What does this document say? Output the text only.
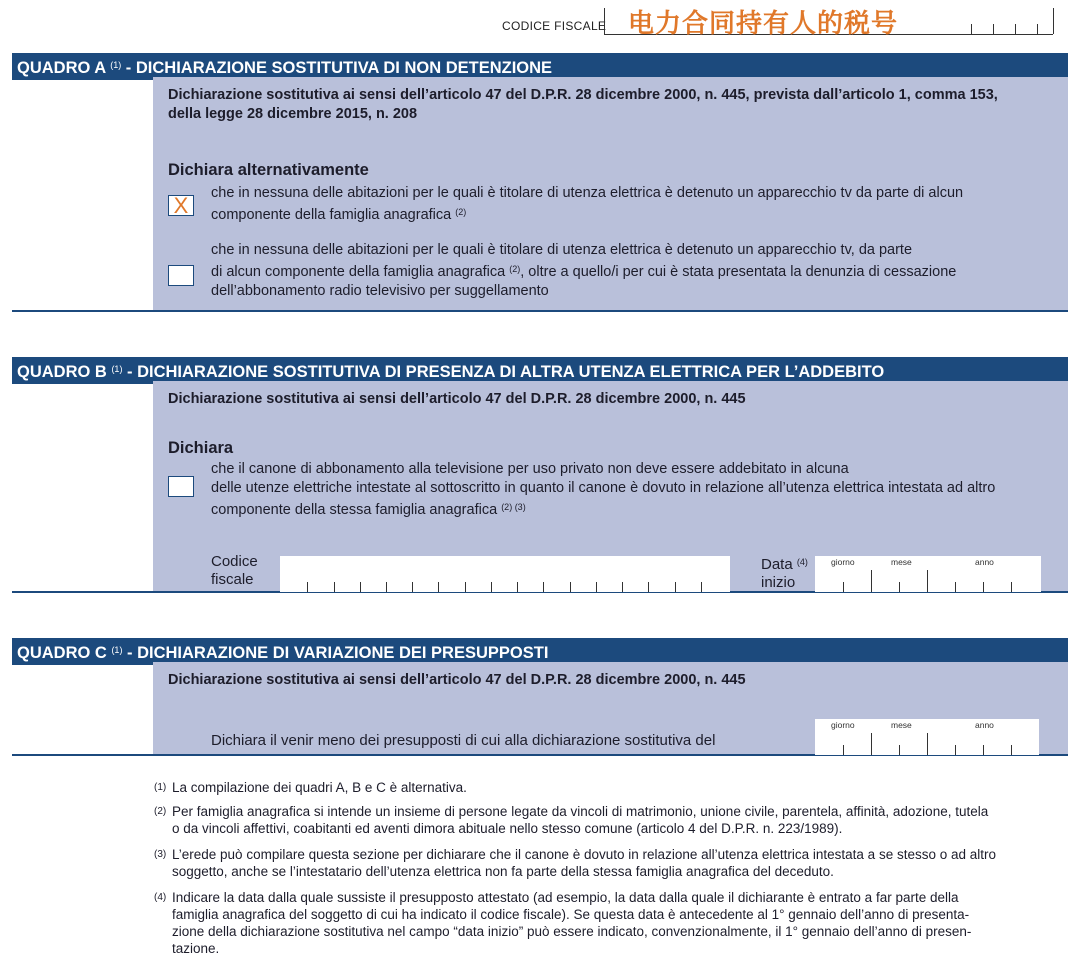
CODICE FISCALE 电力合同持有人的税号
QUADRO A $^{(1)}$ - DICHIARAZIONE SOSTITUTIVA DI NON DETENZIONE
Dichiarazione sostitutiva ai sensi dell’articolo 47 del D.P.R. 28 dicembre 2000, n. 445, prevista dall’articolo 1, comma 153,
della legge 28 dicembre 2015, n. 208
Dichiara alternativamente
X	che in nessuna delle abitazioni per le quali è titolare di utenza elettrica è detenuto un apparecchio tv da parte di alcun
componente della famiglia anagrafica $^{(2)}$
che in nessuna delle abitazioni per le quali è titolare di utenza elettrica è detenuto un apparecchio tv, da parte
di alcun componente della famiglia anagrafica $^{(2)}$, oltre a quello/i per cui è stata presentata la denunzia di cessazione
dell’abbonamento radio televisivo per suggellamento
QUADRO B $^{(1)}$ - DICHIARAZIONE SOSTITUTIVA DI PRESENZA DI ALTRA UTENZA ELETTRICA PER L’ADDEBITO
Dichiarazione sostitutiva ai sensi dell’articolo 47 del D.P.R. 28 dicembre 2000, n. 445
Dichiara
che il canone di abbonamento alla televisione per uso privato non deve essere addebitato in alcuna
delle utenze elettriche intestate al sottoscritto in quanto il canone è dovuto in relazione all’utenza elettrica intestata ad altro
componente della stessa famiglia anagrafica $^{(2) (3)}$
Codice
fiscale
Data $^{(4)}$
inizio
giorno	mese	anno
QUADRO C $^{(1)}$ - DICHIARAZIONE DI VARIAZIONE DEI PRESUPPOSTI
Dichiarazione sostitutiva ai sensi dell’articolo 47 del D.P.R. 28 dicembre 2000, n. 445
Dichiara il venir meno dei presupposti di cui alla dichiarazione sostitutiva del
giorno	mese	anno
(1) La compilazione dei quadri A, B e C è alternativa.
(2) Per famiglia anagrafica si intende un insieme di persone legate da vincoli di matrimonio, unione civile, parentela, affinità, adozione, tutela
o da vincoli affettivi, coabitanti ed aventi dimora abituale nello stesso comune (articolo 4 del D.P.R. n. 223/1989).
(3) L’erede può compilare questa sezione per dichiarare che il canone è dovuto in relazione all’utenza elettrica intestata a se stesso o ad altro
soggetto, anche se l’intestatario dell’utenza elettrica non fa parte della stessa famiglia anagrafica del deceduto.
(4) Indicare la data dalla quale sussiste il presupposto attestato (ad esempio, la data dalla quale il dichiarante è entrato a far parte della
famiglia anagrafica del soggetto di cui ha indicato il codice fiscale). Se questa data è antecedente al 1° gennaio dell’anno di presenta-
zione della dichiarazione sostitutiva nel campo “data inizio” può essere indicato, convenzionalmente, il 1° gennaio dell’anno di presen-
tazione.
